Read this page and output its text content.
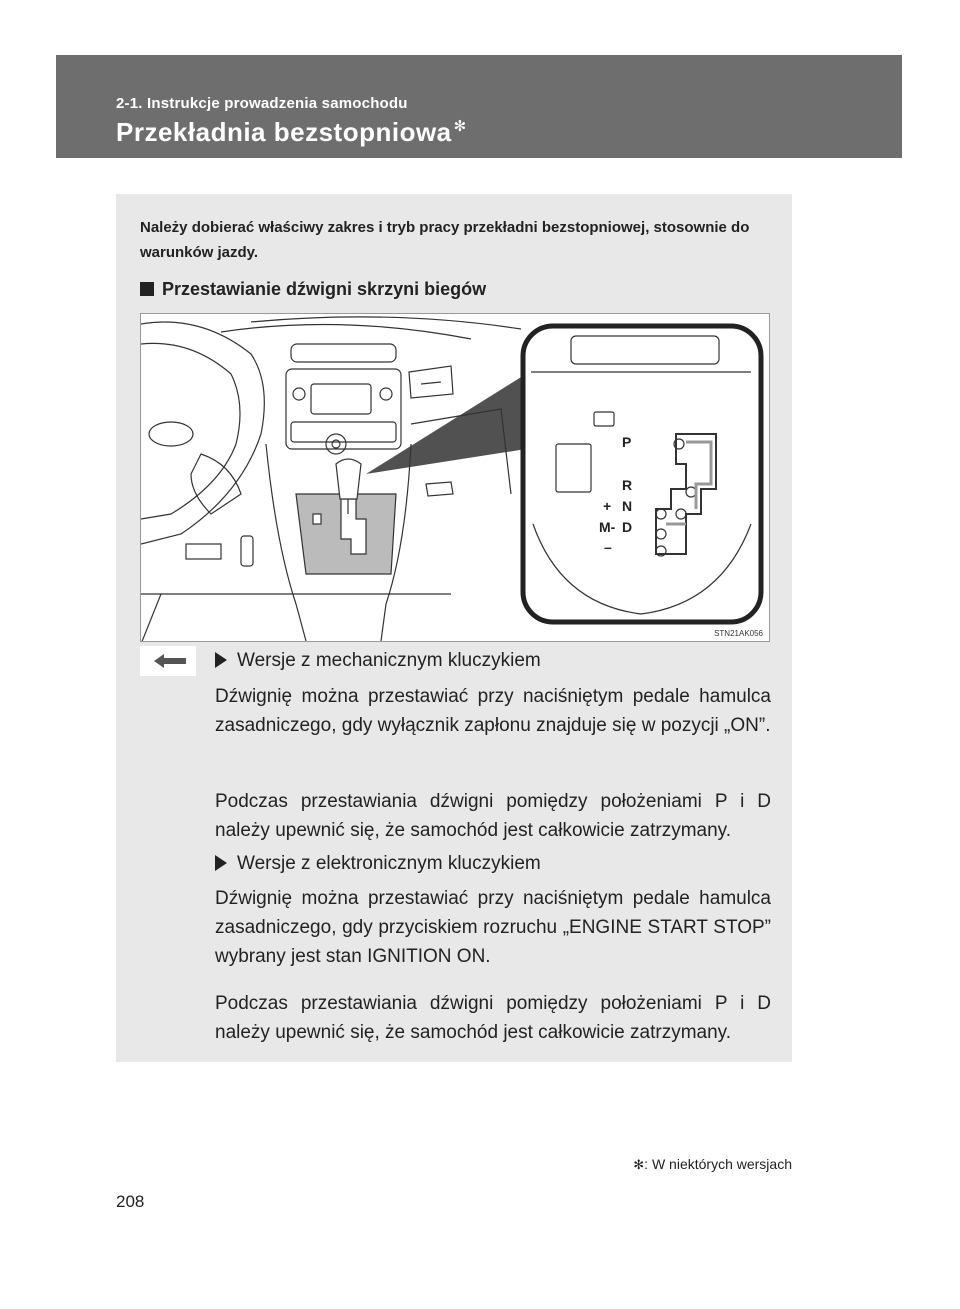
2-1. Instrukcje prowadzenia samochodu
Przekładnia bezstopniowa ✻
Należy dobierać właściwy zakres i tryb pracy przekładni bezstopniowej, stosownie do warunków jazdy.
Przestawianie dźwigni skrzyni biegów
P
R
+ N
M- D
–
STN21AK056
Wersje z mechanicznym kluczykiem
Dźwignię można przestawiać przy naciśniętym pedale hamulca zasadniczego, gdy wyłącznik zapłonu znajduje się w pozycji „ON”.
Podczas przestawiania dźwigni pomiędzy położeniami P i D należy upewnić się, że samochód jest całkowicie zatrzymany.
Wersje z elektronicznym kluczykiem
Dźwignię można przestawiać przy naciśniętym pedale hamulca zasadniczego, gdy przyciskiem rozruchu „ENGINE START STOP” wybrany jest stan IGNITION ON.
Podczas przestawiania dźwigni pomiędzy położeniami P i D należy upewnić się, że samochód jest całkowicie zatrzymany.
✻: W niektórych wersjach
208
